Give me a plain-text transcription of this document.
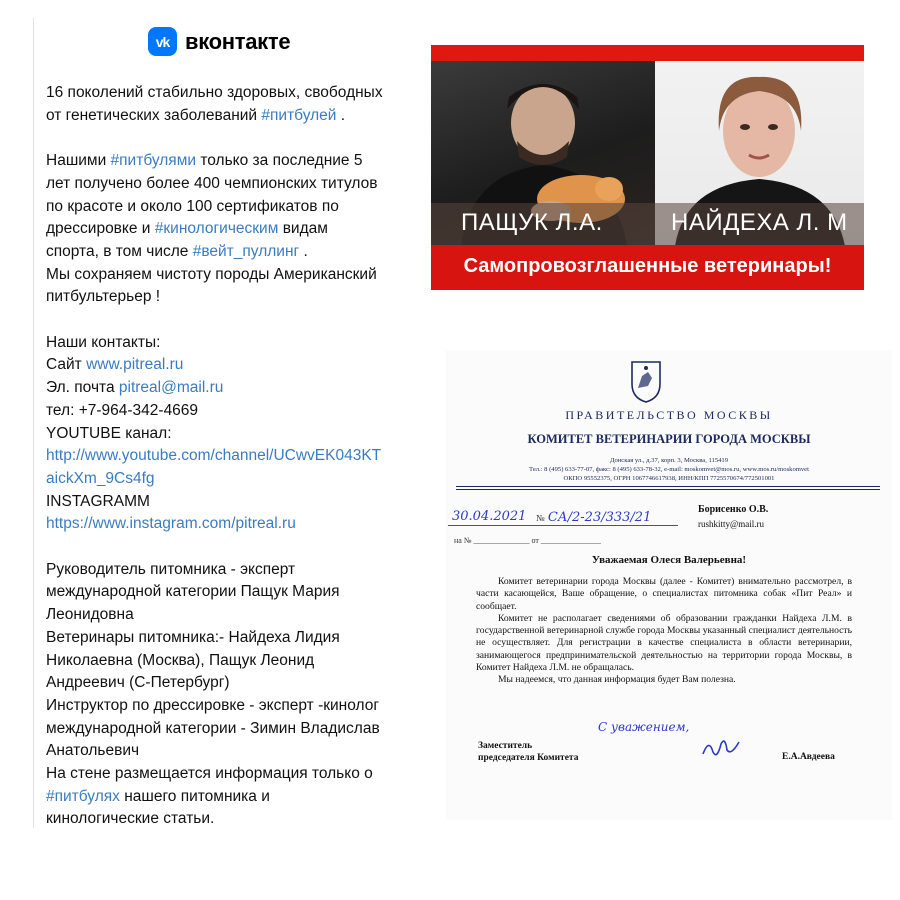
vk вконтакте
16 поколений стабильно здоровых, свободных
от генетических заболеваний #питбулей .
Нашими #питбулями только за последние 5
лет получено более 400 чемпионских титулов
по красоте и около 100 сертификатов по
дрессировке и #кинологическим видам
спорта, в том числе #вейт_пуллинг .
Мы сохраняем чистоту породы Американский
питбультерьер !
Наши контакты:
Сайт www.pitreal.ru
Эл. почта pitreal@mail.ru
тел: +7-964-342-4669
YOUTUBE канал:
http://www.youtube.com/channel/UCwvEK043KT
aickXm_9Cs4fg
INSTAGRAMM
https://www.instagram.com/pitreal.ru
Руководитель питомника - эксперт
международной категории Пащук Мария
Леонидовна
Ветеринары питомника:- Найдеха Лидия
Николаевна (Москва), Пащук Леонид
Андреевич (С-Петербург)
Инструктор по дрессировке - эксперт -кинолог
международной категории - Зимин Владислав
Анатольевич
На стене размещается информация только о
#питбулях нашего питомника и
кинологические статьи.
ПАЩУК Л.А.	НАЙДЕХА Л. М
Самопровозглашенные ветеринары!
ПРАВИТЕЛЬСТВО МОСКВЫ
КОМИТЕТ ВЕТЕРИНАРИИ ГОРОДА МОСКВЫ
Донская ул., д.37, корп. 3, Москва, 115419
Тел.: 8 (495) 633-77-07, факс: 8 (495) 633-78-32, e-mail: moskomvet@mos.ru, www.mos.ru/moskomvet
ОКПО 95552375, ОГРН 1067746617938, ИНН/КПП 7725570674/772501001
30.04.2021 № СА/2-23/333/21
на № ______________ от _______________
Борисенко О.В.
rushkitty@mail.ru
Уважаемая Олеся Валерьевна!

Комитет ветеринарии города Москвы (далее - Комитет) внимательно рассмотрел, в части касающейся, Ваше обращение, о специалистах питомника собак «Пит Реал» и сообщает.

Комитет не располагает сведениями об образовании гражданки Найдеха Л.М. в государственной ветеринарной службе города Москвы указанный специалист деятельность не осуществляет. Для регистрации в качестве специалиста в области ветеринарии, занимающегося предпринимательской деятельностью на территории города Москвы, в Комитет Найдеха Л.М. не обращалась.

Мы надеемся, что данная информация будет Вам полезна.

С уважением,
Заместитель
председателя Комитета	Е.А.Авдеева
